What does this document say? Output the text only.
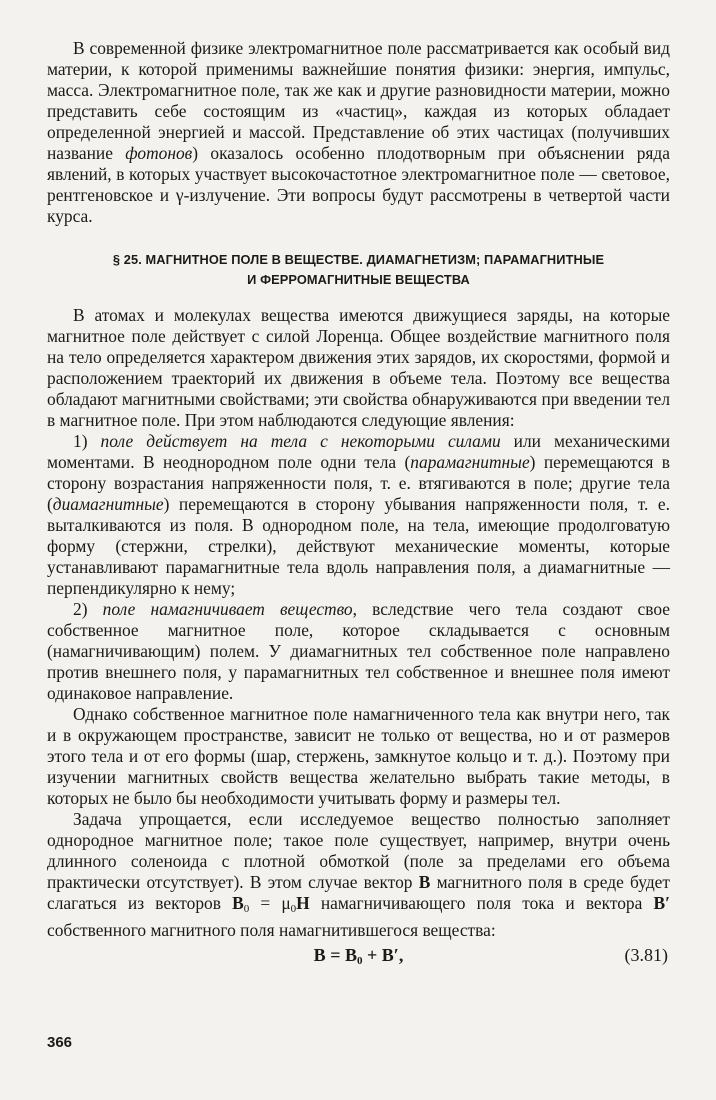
В современной физике электромагнитное поле рассматривается как особый вид материи, к которой применимы важнейшие понятия физики: энергия, импульс, масса. Электромагнитное поле, так же как и другие разновидности материи, можно представить себе состоящим из «частиц», каждая из которых обладает определенной энергией и массой. Представление об этих частицах (получивших название фотонов) оказалось особенно плодотворным при объяснении ряда явлений, в которых участвует высокочастотное электромагнитное поле — световое, рентгеновское и γ-излучение. Эти вопросы будут рассмотрены в четвертой части курса.

§ 25. МАГНИТНОЕ ПОЛЕ В ВЕЩЕСТВЕ. ДИАМАГНЕТИЗМ; ПАРАМАГНИТНЫЕ
И ФЕРРОМАГНИТНЫЕ ВЕЩЕСТВА

В атомах и молекулах вещества имеются движущиеся заряды, на которые магнитное поле действует с силой Лоренца. Общее воздействие магнитного поля на тело определяется характером движения этих зарядов, их скоростями, формой и расположением траекторий их движения в объеме тела. Поэтому все вещества обладают магнитными свойствами; эти свойства обнаруживаются при введении тел в магнитное поле. При этом наблюдаются следующие явления:

1) поле действует на тела с некоторыми силами или механическими моментами. В неоднородном поле одни тела (парамагнитные) перемещаются в сторону возрастания напряженности поля, т. е. втягиваются в поле; другие тела (диамагнитные) перемещаются в сторону убывания напряженности поля, т. е. выталкиваются из поля. В однородном поле, на тела, имеющие продолговатую форму (стержни, стрелки), действуют механические моменты, которые устанавливают парамагнитные тела вдоль направления поля, а диамагнитные — перпендикулярно к нему;

2) поле намагничивает вещество, вследствие чего тела создают свое собственное магнитное поле, которое складывается с основным (намагничивающим) полем. У диамагнитных тел собственное поле направлено против внешнего поля, у парамагнитных тел собственное и внешнее поля имеют одинаковое направление.

Однако собственное магнитное поле намагниченного тела как внутри него, так и в окружающем пространстве, зависит не только от вещества, но и от размеров этого тела и от его формы (шар, стержень, замкнутое кольцо и т. д.). Поэтому при изучении магнитных свойств вещества желательно выбрать такие методы, в которых не было бы необходимости учитывать форму и размеры тел.

Задача упрощается, если исследуемое вещество полностью заполняет однородное магнитное поле; такое поле существует, например, внутри очень длинного соленоида с плотной обмоткой (поле за пределами его объема практически отсутствует). В этом случае вектор B магнитного поля в среде будет слагаться из векторов $B_0 = \mu_0H$ намагничивающего поля тока и вектора B′ собственного магнитного поля намагнитившегося вещества:

$B = B_0 + B'$,	(3.81)
366
